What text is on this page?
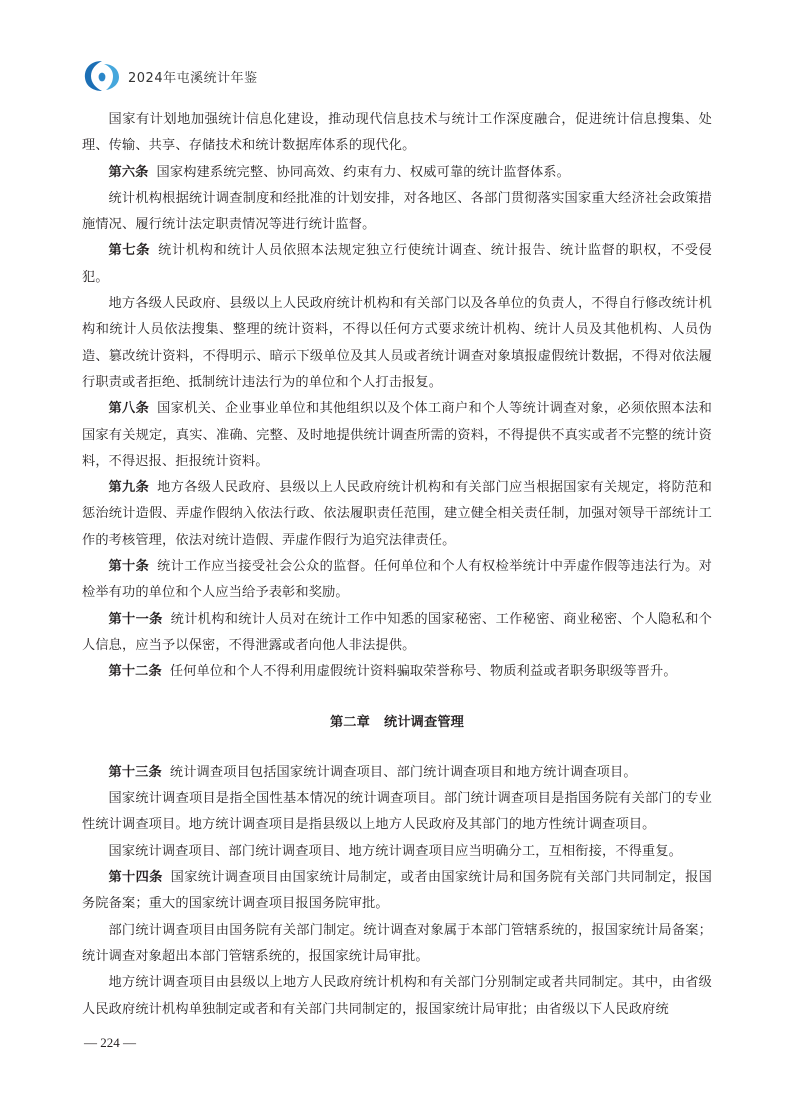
2024年屯溪统计年鉴

国家有计划地加强统计信息化建设，推动现代信息技术与统计工作深度融合，促进统计信息搜集、处理、传输、共享、存储技术和统计数据库体系的现代化。

第六条 国家构建系统完整、协同高效、约束有力、权威可靠的统计监督体系。

统计机构根据统计调查制度和经批准的计划安排，对各地区、各部门贯彻落实国家重大经济社会政策措施情况、履行统计法定职责情况等进行统计监督。

第七条 统计机构和统计人员依照本法规定独立行使统计调查、统计报告、统计监督的职权，不受侵犯。

地方各级人民政府、县级以上人民政府统计机构和有关部门以及各单位的负责人，不得自行修改统计机构和统计人员依法搜集、整理的统计资料，不得以任何方式要求统计机构、统计人员及其他机构、人员伪造、篡改统计资料，不得明示、暗示下级单位及其人员或者统计调查对象填报虚假统计数据，不得对依法履行职责或者拒绝、抵制统计违法行为的单位和个人打击报复。

第八条 国家机关、企业事业单位和其他组织以及个体工商户和个人等统计调查对象，必须依照本法和国家有关规定，真实、准确、完整、及时地提供统计调查所需的资料，不得提供不真实或者不完整的统计资料，不得迟报、拒报统计资料。

第九条 地方各级人民政府、县级以上人民政府统计机构和有关部门应当根据国家有关规定，将防范和惩治统计造假、弄虚作假纳入依法行政、依法履职责任范围，建立健全相关责任制，加强对领导干部统计工作的考核管理，依法对统计造假、弄虚作假行为追究法律责任。

第十条 统计工作应当接受社会公众的监督。任何单位和个人有权检举统计中弄虚作假等违法行为。对检举有功的单位和个人应当给予表彰和奖励。

第十一条 统计机构和统计人员对在统计工作中知悉的国家秘密、工作秘密、商业秘密、个人隐私和个人信息，应当予以保密，不得泄露或者向他人非法提供。

第十二条 任何单位和个人不得利用虚假统计资料骗取荣誉称号、物质利益或者职务职级等晋升。

第二章 统计调查管理

第十三条 统计调查项目包括国家统计调查项目、部门统计调查项目和地方统计调查项目。

国家统计调查项目是指全国性基本情况的统计调查项目。部门统计调查项目是指国务院有关部门的专业性统计调查项目。地方统计调查项目是指县级以上地方人民政府及其部门的地方性统计调查项目。

国家统计调查项目、部门统计调查项目、地方统计调查项目应当明确分工，互相衔接，不得重复。

第十四条 国家统计调查项目由国家统计局制定，或者由国家统计局和国务院有关部门共同制定，报国务院备案；重大的国家统计调查项目报国务院审批。

部门统计调查项目由国务院有关部门制定。统计调查对象属于本部门管辖系统的，报国家统计局备案；统计调查对象超出本部门管辖系统的，报国家统计局审批。

地方统计调查项目由县级以上地方人民政府统计机构和有关部门分别制定或者共同制定。其中，由省级人民政府统计机构单独制定或者和有关部门共同制定的，报国家统计局审批；由省级以下人民政府统

— 224 —
